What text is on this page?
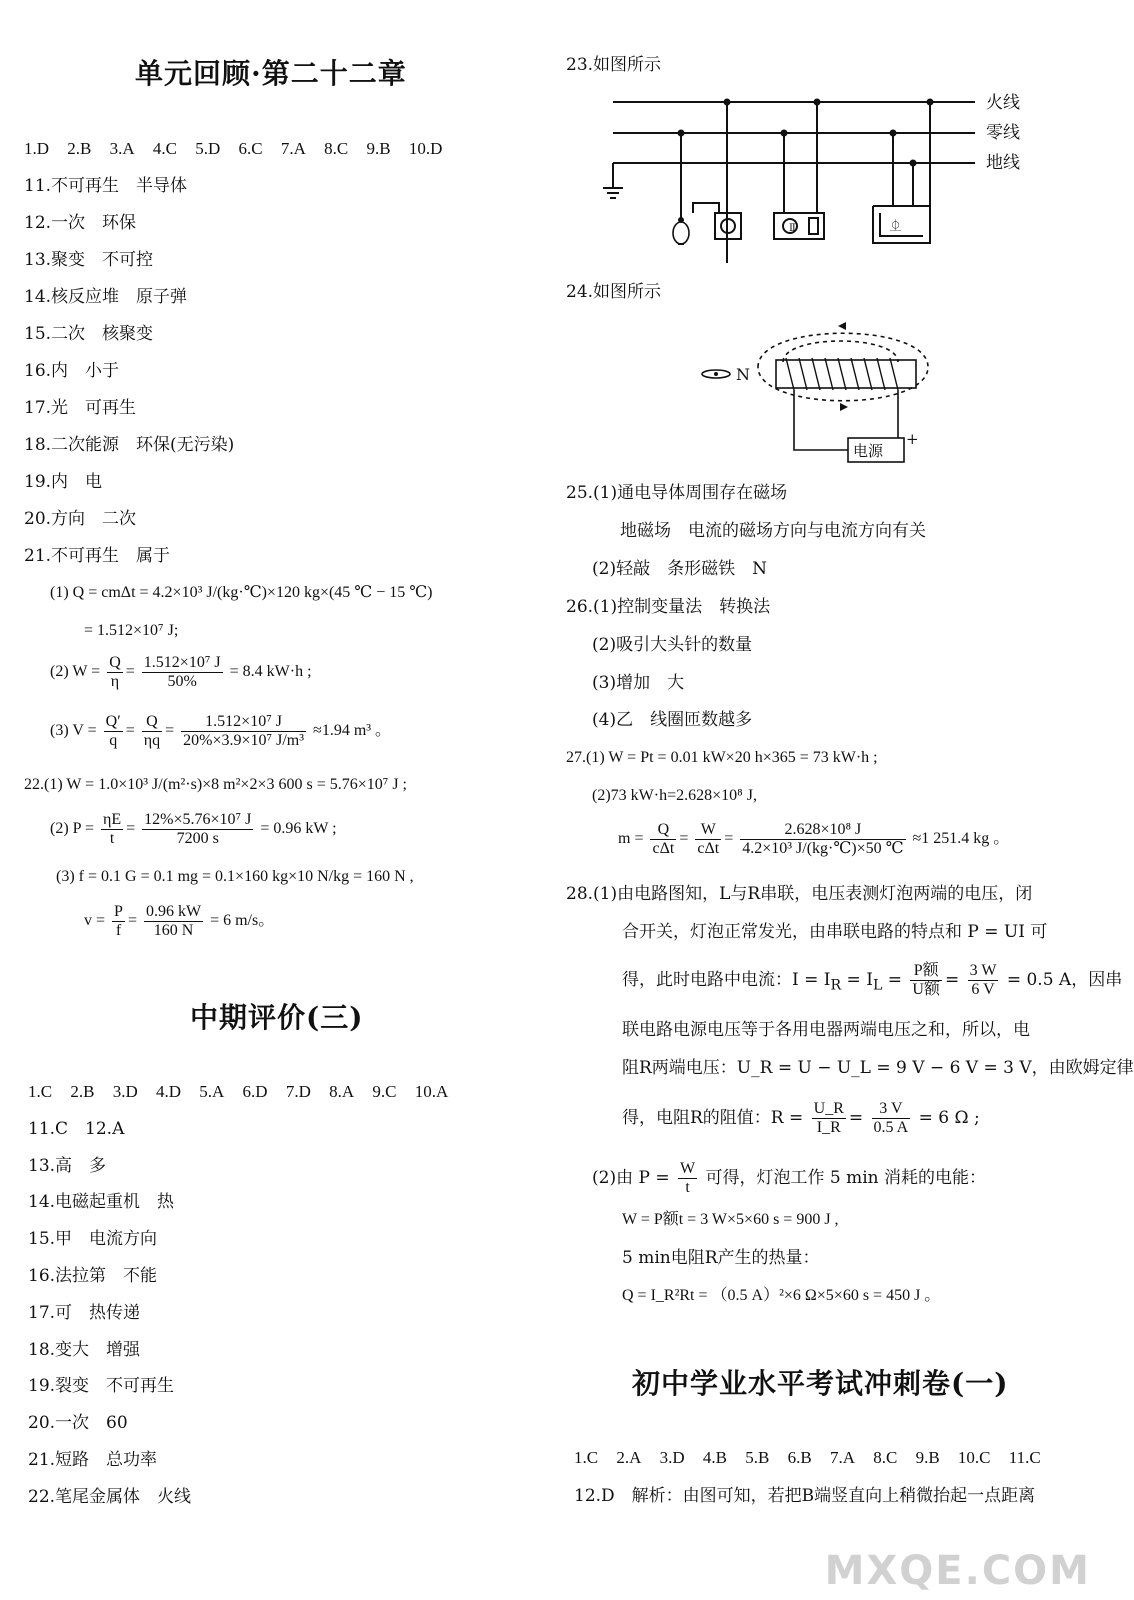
单元回顾·第二十二章
1.D 2.B 3.A 4.C 5.D 6.C 7.A 8.C 9.B 10.D
11.不可再生　半导体
12.一次　环保
13.聚变　不可控
14.核反应堆　原子弹
15.二次　核聚变
16.内　小于
17.光　可再生
18.二次能源　环保(无污染)
19.内　电
20.方向　二次
21.不可再生　属于
(1) Q = cmΔt = 4.2×10³ J/(kg·℃)×120 kg×(45 ℃ − 15 ℃)
= 1.512×10⁷ J;
(2) $W = \frac{Q}{\eta} = \frac{\text{1.512×10⁷ J}}{50\%} = 8.4$ kW·h ;
(3) $V = \frac{Q'}{q} = \frac{Q}{\eta q} = \frac{\text{1.512×10⁷ J}}{\text{20\%×3.9×10⁷ J/m³}} \approx 1.94$ m³ 。
22.(1) W = 1.0×10³ J/(m²·s)×8 m²×2×3 600 s = 5.76×10⁷ J ;
(2) $P = \frac{\eta E}{t} = \frac{\text{12\%×5.76×10⁷ J}}{7200 s} = 0.96$ kW ;
(3) f = 0.1 G = 0.1 mg = 0.1×160 kg×10 N/kg = 160 N ,
$v = \frac{P}{f} = \frac{0.96 kW}{160 N} = 6$ m/s。
中期评价(三)
1.C 2.B 3.D 4.D 5.A 6.D 7.D 8.A 9.C 10.A
11.C　12.A
13.高　多
14.电磁起重机　热
15.甲　电流方向
16.法拉第　不能
17.可　热传递
18.变大　增强
19.裂变　不可再生
20.一次　60
21.短路　总功率
22.笔尾金属体　火线
23.如图所示
Ⅱ	⏂
火线
零线
地线
24.如图所示
N
电源
+
25.(1)通电导体周围存在磁场
地磁场　电流的磁场方向与电流方向有关
(2)轻敲　条形磁铁　N
26.(1)控制变量法　转换法
(2)吸引大头针的数量
(3)增加　大
(4)乙　线圈匝数越多
27.(1) W = Pt = 0.01 kW×20 h×365 = 73 kW·h ;
(2)73 kW·h=2.628×10⁸ J,
$m = \frac{Q}{\text{cΔt}} = \frac{W}{\text{cΔt}} = \frac{\text{2.628×10⁸ J}}{\text{4.2×10³ J/(kg·℃)×50 ℃}} \approx 1$ 251.4 kg 。
28.(1)由电路图知，L与R串联，电压表测灯泡两端的电压，闭
合开关，灯泡正常发光，由串联电路的特点和 P = UI 可
得，此时电路中电流：$I = I_R = I_L = \frac{\text{P额}}{\text{U额}} = \frac{3 W}{6 V} = 0.5$ A，因串
联电路电源电压等于各用电器两端电压之和，所以，电
阻R两端电压：U_R = U − U_L = 9 V − 6 V = 3 V，由欧姆定律
得，电阻R的阻值：$R = \frac{U\_R}{I\_R} = \frac{3 V}{0.5 A} = 6$ Ω ;
(2)由 $P = \frac{W}{t}$ 可得，灯泡工作 5 min 消耗的电能：
W = P额t = 3 W×5×60 s = 900 J ,
5 min电阻R产生的热量：
Q = I_R²Rt = （0.5 A）²×6 Ω×5×60 s = 450 J 。
初中学业水平考试冲刺卷(一)
1.C 2.A 3.D 4.B 5.B 6.B 7.A 8.C 9.B 10.C 11.C
12.D　解析：由图可知，若把B端竖直向上稍微抬起一点距离
MXQE.COM
